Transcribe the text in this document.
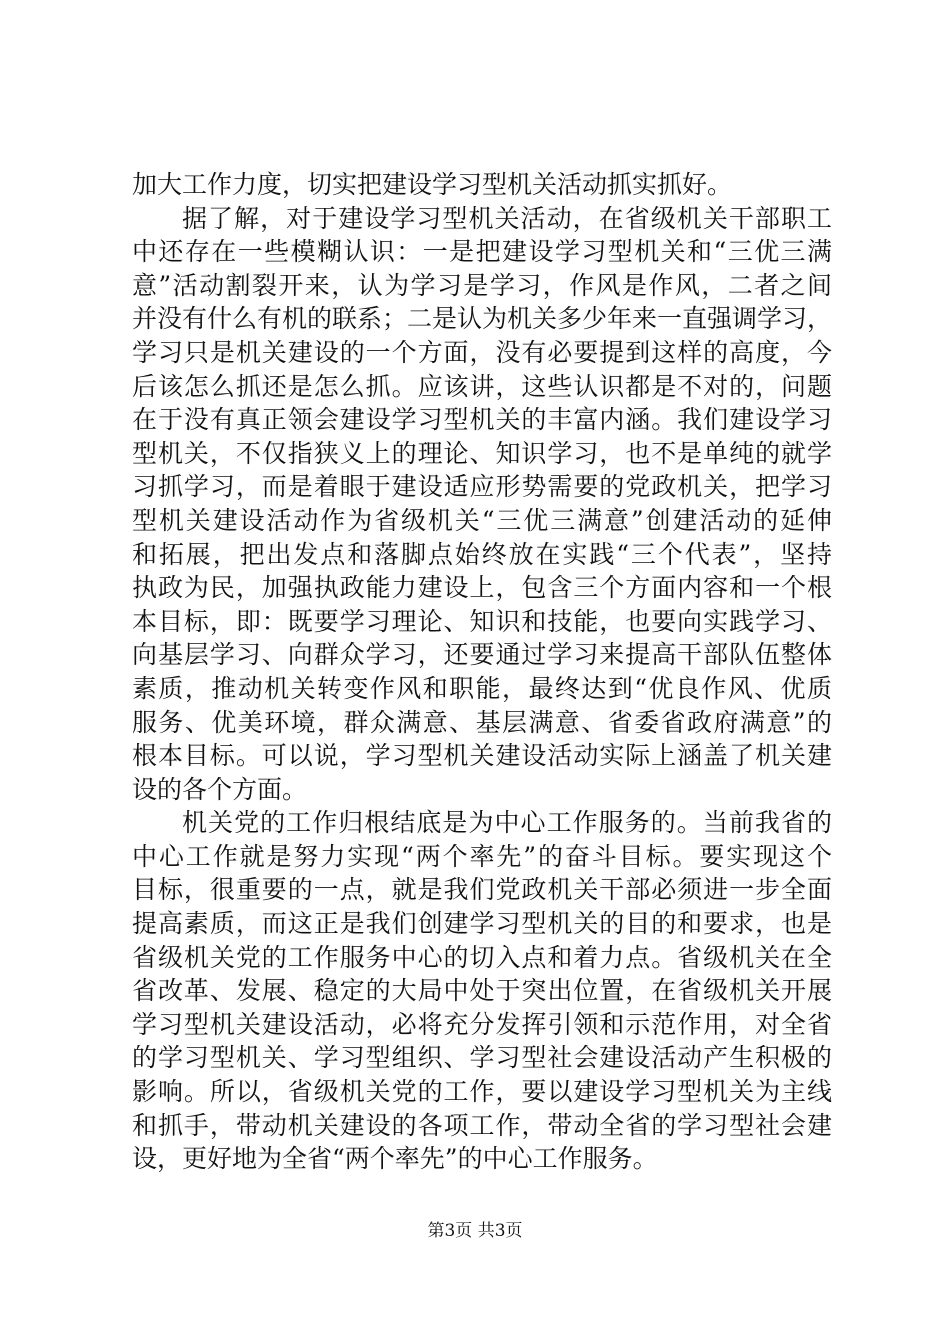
加大工作力度，切实把建设学习型机关活动抓实抓好。
据了解，对于建设学习型机关活动，在省级机关干部职工
中还存在一些模糊认识：一是把建设学习型机关和“三优三满
意”活动割裂开来，认为学习是学习，作风是作风，二者之间
并没有什么有机的联系；二是认为机关多少年来一直强调学习，
学习只是机关建设的一个方面，没有必要提到这样的高度，今
后该怎么抓还是怎么抓。应该讲，这些认识都是不对的，问题
在于没有真正领会建设学习型机关的丰富内涵。我们建设学习
型机关，不仅指狭义上的理论、知识学习，也不是单纯的就学
习抓学习，而是着眼于建设适应形势需要的党政机关，把学习
型机关建设活动作为省级机关“三优三满意”创建活动的延伸
和拓展，把出发点和落脚点始终放在实践“三个代表”，坚持
执政为民，加强执政能力建设上，包含三个方面内容和一个根
本目标，即：既要学习理论、知识和技能，也要向实践学习、
向基层学习、向群众学习，还要通过学习来提高干部队伍整体
素质，推动机关转变作风和职能，最终达到“优良作风、优质
服务、优美环境，群众满意、基层满意、省委省政府满意”的
根本目标。可以说，学习型机关建设活动实际上涵盖了机关建
设的各个方面。
机关党的工作归根结底是为中心工作服务的。当前我省的
中心工作就是努力实现“两个率先”的奋斗目标。要实现这个
目标，很重要的一点，就是我们党政机关干部必须进一步全面
提高素质，而这正是我们创建学习型机关的目的和要求，也是
省级机关党的工作服务中心的切入点和着力点。省级机关在全
省改革、发展、稳定的大局中处于突出位置，在省级机关开展
学习型机关建设活动，必将充分发挥引领和示范作用，对全省
的学习型机关、学习型组织、学习型社会建设活动产生积极的
影响。所以，省级机关党的工作，要以建设学习型机关为主线
和抓手，带动机关建设的各项工作，带动全省的学习型社会建
设，更好地为全省“两个率先”的中心工作服务。
第3页 共3页
